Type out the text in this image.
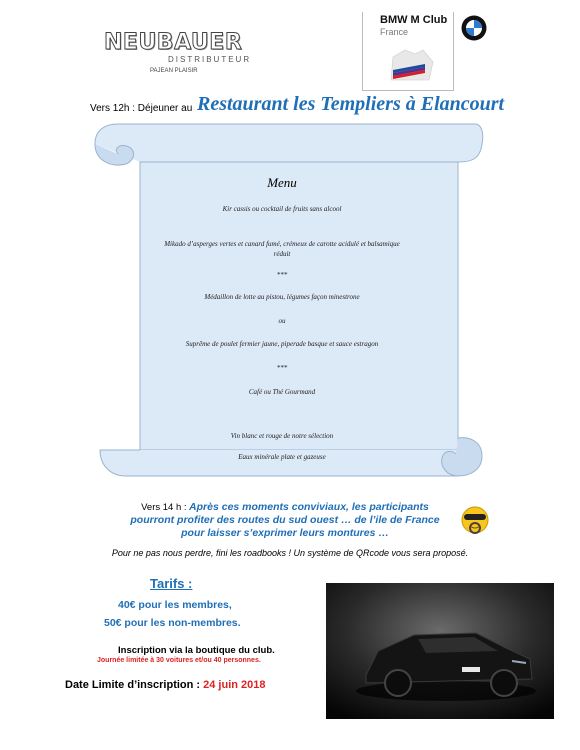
NEUBAUER
DISTRIBUTEUR
PAJEAN PLAISIR
BMW M Club
France
Vers 12h : Déjeuner au Restaurant les Templiers à Elancourt
Menu
Kir cassis ou cocktail de fruits sans alcool
Mikado d’asperges vertes et canard fumé, crémeux de carotte acidulé et balsamique
réduit
***
Médaillon de lotte au pistou, légumes façon minestrone
ou
Suprême de poulet fermier jaune, piperade basque et sauce estragon
***
Café ou Thé Gourmand
Vin blanc et rouge de notre sélection
Eaux minérale plate et gazeuse
Vers 14 h : Après ces moments conviviaux, les participants
pourront profiter des routes du sud ouest … de l’ile de France
pour laisser s’exprimer leurs montures …
Pour ne pas nous perdre, fini les roadbooks ! Un système de QRcode vous sera proposé.
Tarifs :
40€ pour les membres,
50€ pour les non-membres.
Inscription via la boutique du club.
Journée limitée à 30 voitures et/ou 40 personnes.
Date Limite d’inscription : 24 juin 2018
